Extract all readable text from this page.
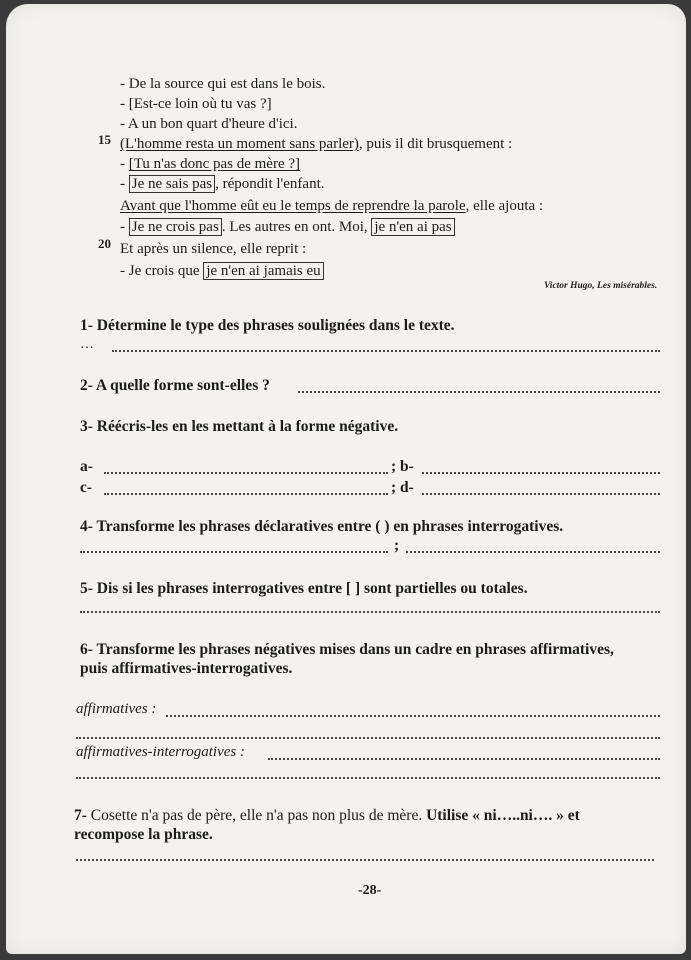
- De la source qui est dans le bois.
- [Est-ce loin où tu vas ?]
- A un bon quart d'heure d'ici.
15 (L'homme resta un moment sans parler), puis il dit brusquement :
- [Tu n'as donc pas de mère ?]
- Je ne sais pas , répondit l'enfant.
Avant que l'homme eût eu le temps de reprendre la parole, elle ajouta :
- Je ne crois pas . Les autres en ont. Moi, je n'en ai pas
20 Et après un silence, elle reprit :
- Je crois que je n'en ai jamais eu
Victor Hugo, Les misérables.
1- Détermine le type des phrases soulignées dans le texte.
…
2- A quelle forme sont-elles ?
3- Réécris-les en les mettant à la forme négative.
a-	; b-
c-	; d-
4- Transforme les phrases déclaratives entre ( ) en phrases interrogatives.
;
5- Dis si les phrases interrogatives entre [ ] sont partielles ou totales.
6- Transforme les phrases négatives mises dans un cadre en phrases affirmatives,
puis affirmatives-interrogatives.
affirmatives :
affirmatives-interrogatives :
7- Cosette n'a pas de père, elle n'a pas non plus de mère. Utilise « ni…..ni…. » et
recompose la phrase.
-28-
